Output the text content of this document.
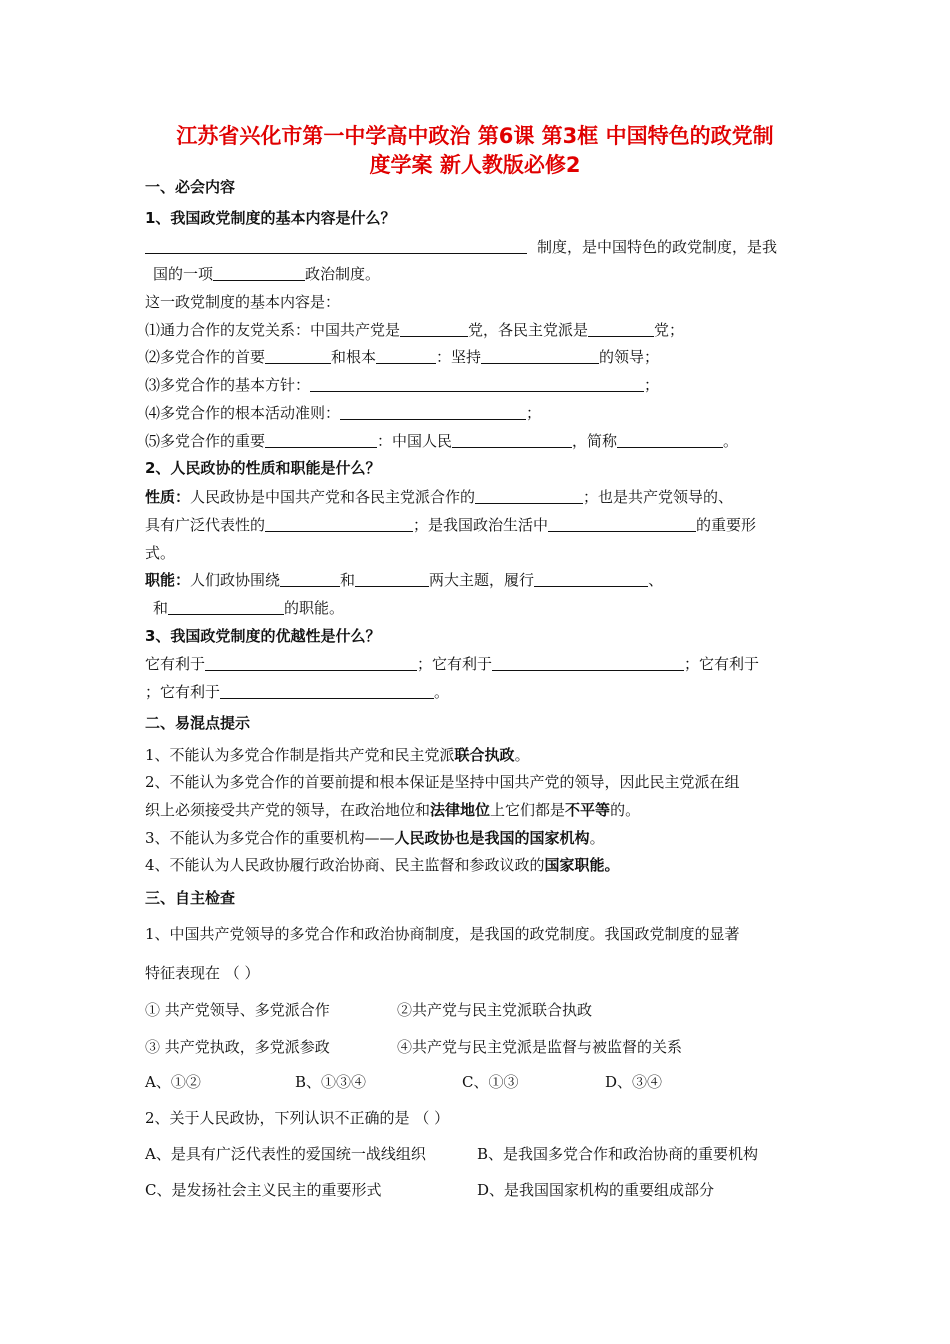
江苏省兴化市第一中学高中政治 第6课 第3框 中国特色的政党制
度学案 新人教版必修2
一、必会内容
1、我国政党制度的基本内容是什么？
制度，是中国特色的政党制度，是我
国的一项	政治制度。
这一政党制度的基本内容是：
⑴通力合作的友党关系：中国共产党是	党，各民主党派是	党；
⑵多党合作的首要	和根本	：坚持	的领导；
⑶多党合作的基本方针：	；
⑷多党合作的根本活动准则：	；
⑸多党合作的重要	：中国人民	，简称	。
2、人民政协的性质和职能是什么？
性质：人民政协是中国共产党和各民主党派合作的	；也是共产党领导的、
具有广泛代表性的	；是我国政治生活中	的重要形
式。
职能：人们政协围绕	和	两大主题，履行	、
和	的职能。
3、我国政党制度的优越性是什么？
它有利于	；它有利于	；它有利于
；它有利于	。
二、易混点提示
1、不能认为多党合作制是指共产党和民主党派联合执政。
2、不能认为多党合作的首要前提和根本保证是坚持中国共产党的领导，因此民主党派在组
织上必须接受共产党的领导，在政治地位和法律地位上它们都是不平等的。
3、不能认为多党合作的重要机构——人民政协也是我国的国家机构。
4、不能认为人民政协履行政治协商、民主监督和参政议政的国家职能。
三、自主检查
1、中国共产党领导的多党合作和政治协商制度，是我国的政党制度。我国政党制度的显著
特征表现在 （ ）
① 共产党领导、多党派合作	②共产党与民主党派联合执政
③ 共产党执政，多党派参政	④共产党与民主党派是监督与被监督的关系
A、①②	B、①③④	C、①③	D、③④
2、关于人民政协，下列认识不正确的是 （ ）
A、是具有广泛代表性的爱国统一战线组织	B、是我国多党合作和政治协商的重要机构
C、是发扬社会主义民主的重要形式	D、是我国国家机构的重要组成部分
